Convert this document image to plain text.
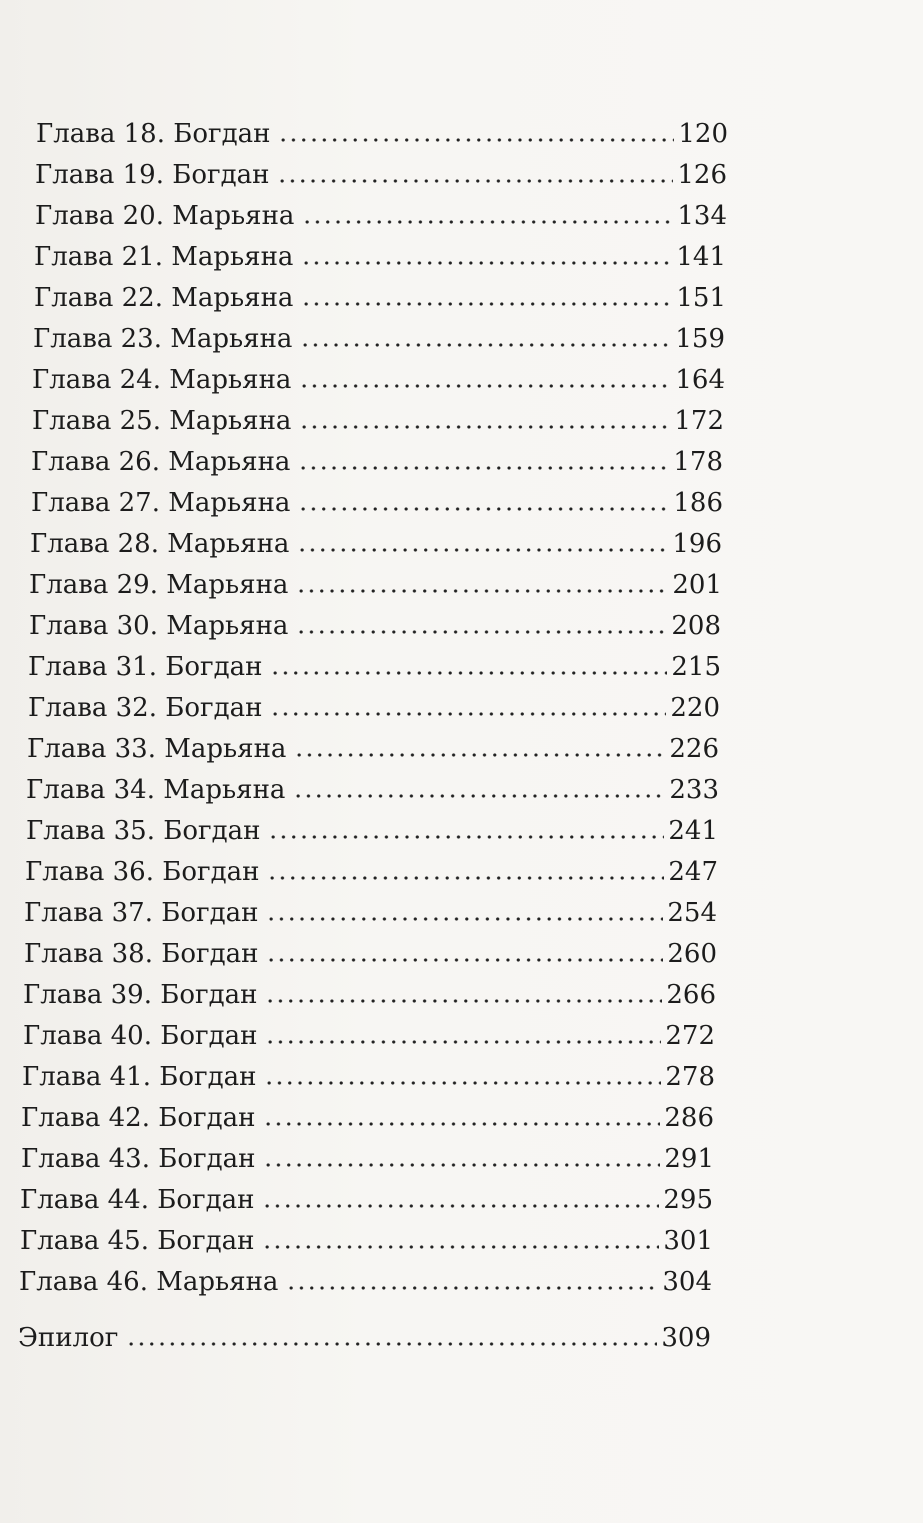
Глава 18. Богдан	120
Глава 19. Богдан	126
Глава 20. Марьяна	134
Глава 21. Марьяна	141
Глава 22. Марьяна	151
Глава 23. Марьяна	159
Глава 24. Марьяна	164
Глава 25. Марьяна	172
Глава 26. Марьяна	178
Глава 27. Марьяна	186
Глава 28. Марьяна	196
Глава 29. Марьяна	201
Глава 30. Марьяна	208
Глава 31. Богдан	215
Глава 32. Богдан	220
Глава 33. Марьяна	226
Глава 34. Марьяна	233
Глава 35. Богдан	241
Глава 36. Богдан	247
Глава 37. Богдан	254
Глава 38. Богдан	260
Глава 39. Богдан	266
Глава 40. Богдан	272
Глава 41. Богдан	278
Глава 42. Богдан	286
Глава 43. Богдан	291
Глава 44. Богдан	295
Глава 45. Богдан	301
Глава 46. Марьяна	304
Эпилог	309
